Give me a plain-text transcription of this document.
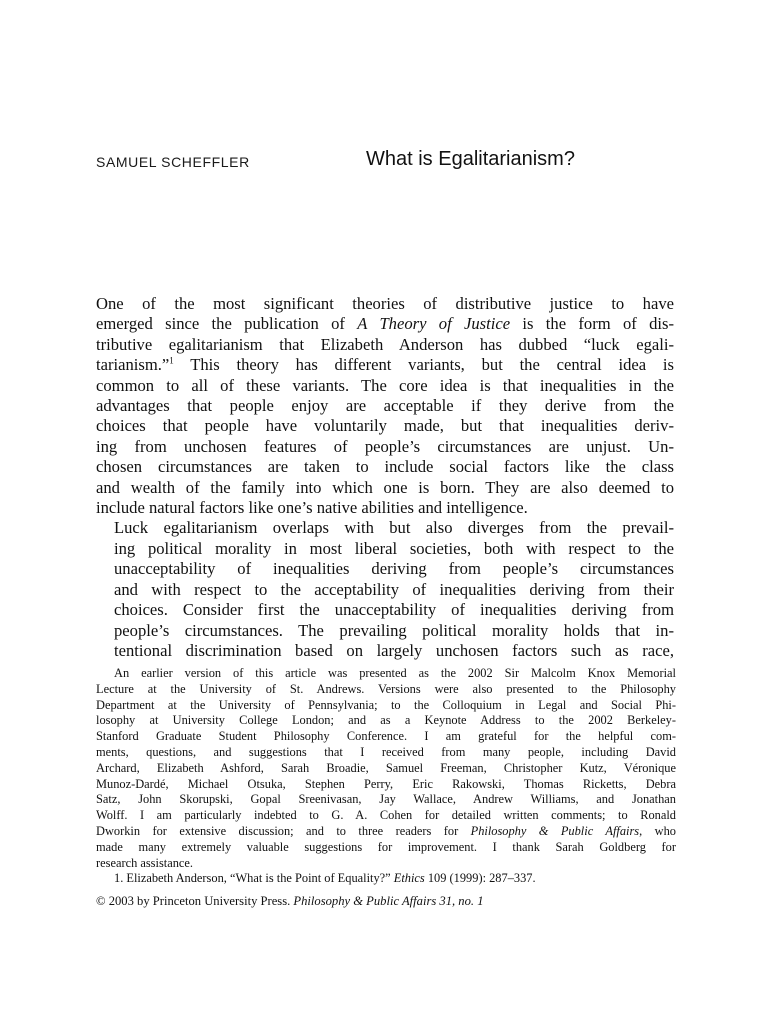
SAMUEL SCHEFFLER	What is Egalitarianism?

One of the most significant theories of distributive justice to have
emerged since the publication of A Theory of Justice is the form of dis-
tributive egalitarianism that Elizabeth Anderson has dubbed “luck egali-
tarianism.”$^1$ This theory has different variants, but the central idea is
common to all of these variants. The core idea is that inequalities in the
advantages that people enjoy are acceptable if they derive from the
choices that people have voluntarily made, but that inequalities deriv-
ing from unchosen features of people’s circumstances are unjust. Un-
chosen circumstances are taken to include social factors like the class
and wealth of the family into which one is born. They are also deemed to
include natural factors like one’s native abilities and intelligence.

Luck egalitarianism overlaps with but also diverges from the prevail-
ing political morality in most liberal societies, both with respect to the
unacceptability of inequalities deriving from people’s circumstances
and with respect to the acceptability of inequalities deriving from their
choices. Consider first the unacceptability of inequalities deriving from
people’s circumstances. The prevailing political morality holds that in-
tentional discrimination based on largely unchosen factors such as race,

An earlier version of this article was presented as the 2002 Sir Malcolm Knox Memorial
Lecture at the University of St. Andrews. Versions were also presented to the Philosophy
Department at the University of Pennsylvania; to the Colloquium in Legal and Social Phi-
losophy at University College London; and as a Keynote Address to the 2002 Berkeley-
Stanford Graduate Student Philosophy Conference. I am grateful for the helpful com-
ments, questions, and suggestions that I received from many people, including David
Archard, Elizabeth Ashford, Sarah Broadie, Samuel Freeman, Christopher Kutz, Véronique
Munoz-Dardé, Michael Otsuka, Stephen Perry, Eric Rakowski, Thomas Ricketts, Debra
Satz, John Skorupski, Gopal Sreenivasan, Jay Wallace, Andrew Williams, and Jonathan
Wolff. I am particularly indebted to G. A. Cohen for detailed written comments; to Ronald
Dworkin for extensive discussion; and to three readers for Philosophy & Public Affairs, who
made many extremely valuable suggestions for improvement. I thank Sarah Goldberg for
research assistance.

1. Elizabeth Anderson, “What is the Point of Equality?” Ethics 109 (1999): 287–337.

© 2003 by Princeton University Press. Philosophy & Public Affairs 31, no. 1
